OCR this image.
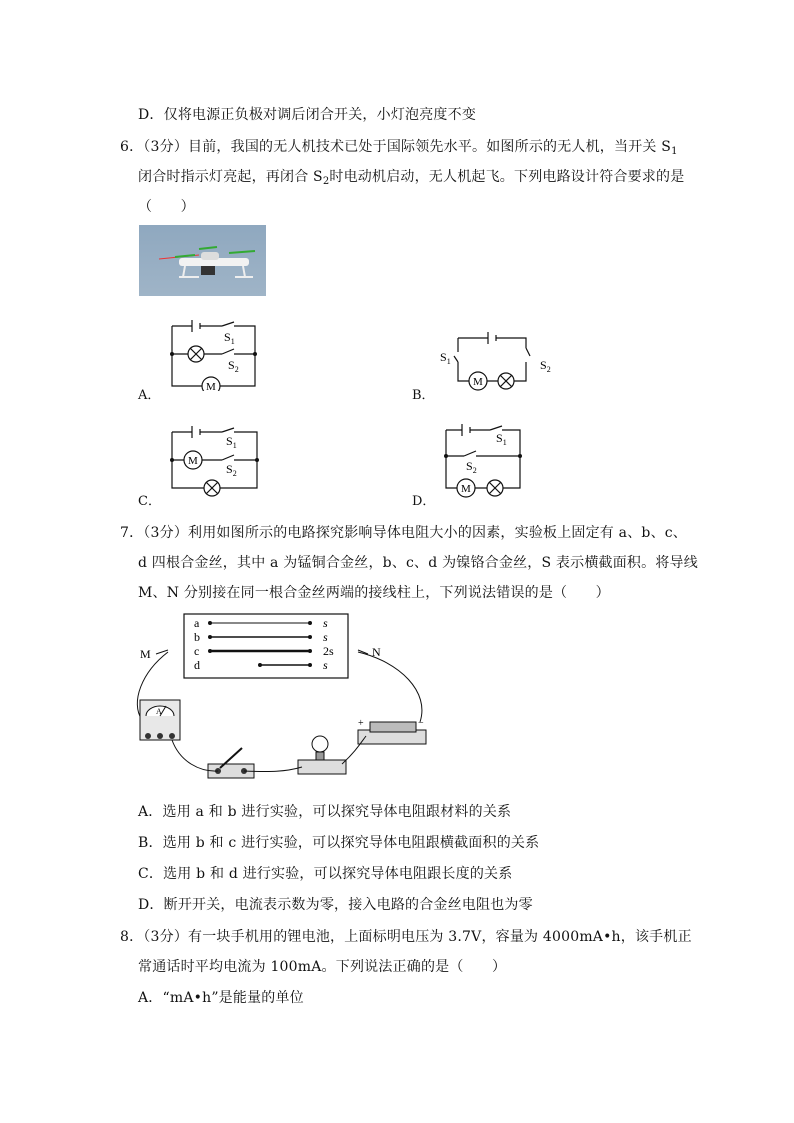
D．仅将电源正负极对调后闭合开关，小灯泡亮度不变
6．（3分）目前，我国的无人机技术已处于国际领先水平。如图所示的无人机，当开关 $S_1$
闭合时指示灯亮起，再闭合 $S_2$时电动机启动，无人机起飞。下列电路设计符合要求的是
（　　）
A．	B．
C．	D．
$S_1$
$S_2$
M
$S_1$	$S_2$
M
$S_1$
$S_2$
M
$S_1$
$S_2$
M
7．（3分）利用如图所示的电路探究影响导体电阻大小的因素，实验板上固定有 a、b、c、
d 四根合金丝，其中 a 为锰铜合金丝，b、c、d 为镍铬合金丝，S 表示横截面积。将导线
M、N 分别接在同一根合金丝两端的接线柱上，下列说法错误的是（　　）
a
b
c
d
s
s
2s
s
M	N
A
+	−
A．选用 a 和 b 进行实验，可以探究导体电阻跟材料的关系
B．选用 b 和 c 进行实验，可以探究导体电阻跟横截面积的关系
C．选用 b 和 d 进行实验，可以探究导体电阻跟长度的关系
D．断开开关，电流表示数为零，接入电路的合金丝电阻也为零
8．（3分）有一块手机用的锂电池，上面标明电压为 3.7V，容量为 4000mA•h，该手机正
常通话时平均电流为 100mA。下列说法正确的是（　　）
A．“mA•h”是能量的单位
